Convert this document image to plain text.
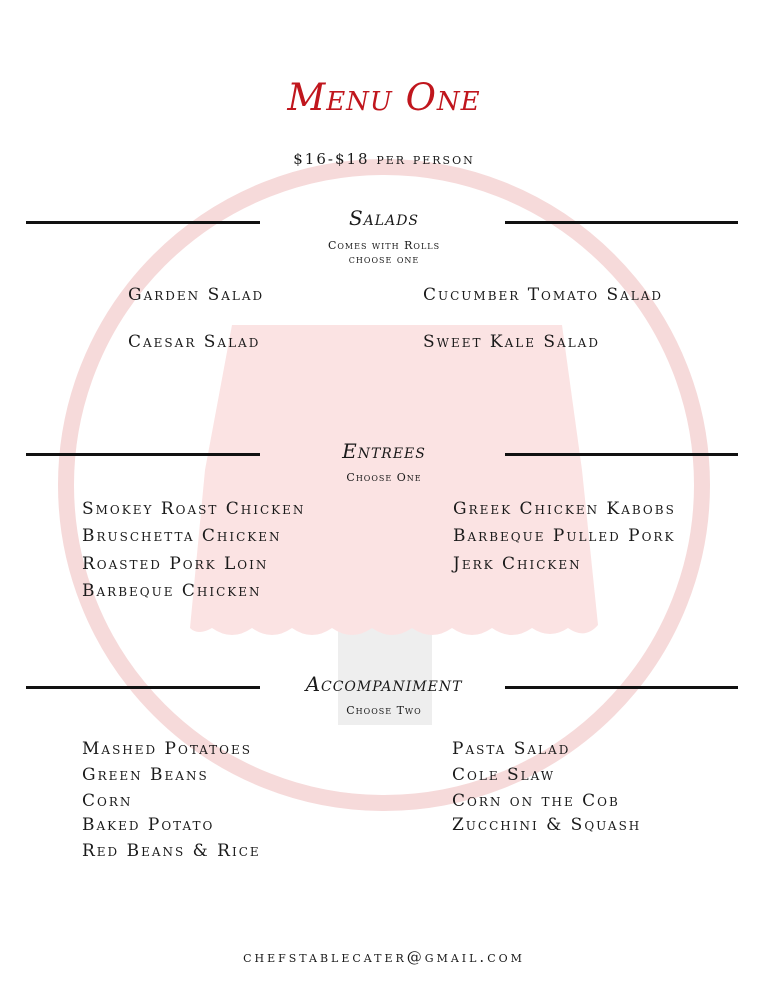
Menu One
$16-$18 per person
Salads
Comes with Rolls
choose one
Garden Salad
Caesar Salad
Cucumber Tomato Salad
Sweet Kale Salad
Entrees
Choose One
Smokey Roast Chicken
Bruschetta Chicken
Roasted Pork Loin
Barbeque Chicken
Greek Chicken Kabobs
Barbeque Pulled Pork
Jerk Chicken
Accompaniment
Choose Two
Mashed Potatoes
Green Beans
Corn
Baked Potato
Red Beans & Rice
Pasta Salad
Cole Slaw
Corn on the Cob
Zucchini & Squash
chefstablecater@gmail.com
